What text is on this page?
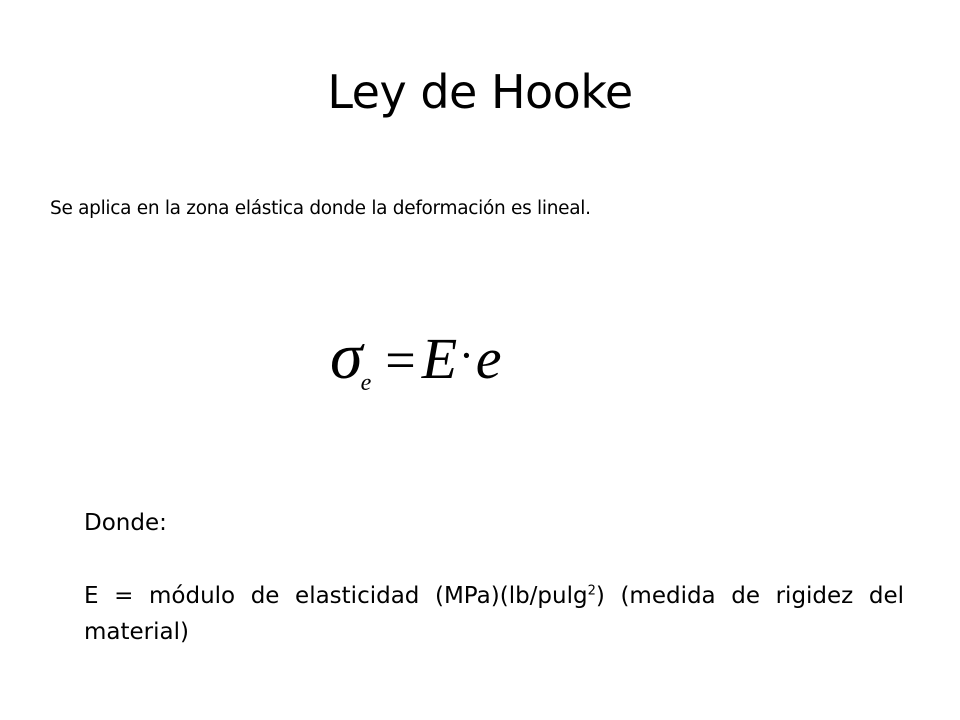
Ley de Hooke
Se aplica en la zona elástica donde la deformación es lineal.
σe = E·e
Donde:
E = módulo de elasticidad (MPa)(lb/pulg$^2$) (medida de rigidez del material)
